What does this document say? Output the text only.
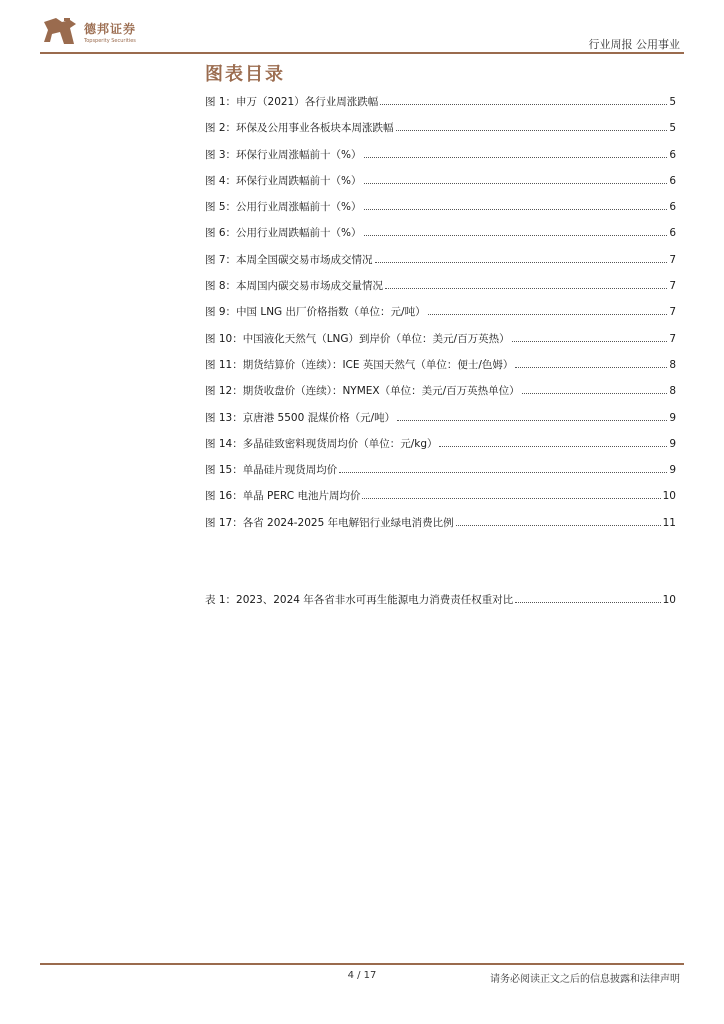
德邦证券
Topsperity Securities	行业周报 公用事业
图表目录
图 1：申万（2021）各行业周涨跌幅	5
图 2：环保及公用事业各板块本周涨跌幅	5
图 3：环保行业周涨幅前十（%）	6
图 4：环保行业周跌幅前十（%）	6
图 5：公用行业周涨幅前十（%）	6
图 6：公用行业周跌幅前十（%）	6
图 7：本周全国碳交易市场成交情况	7
图 8：本周国内碳交易市场成交量情况	7
图 9：中国 LNG 出厂价格指数（单位：元/吨）	7
图 10：中国液化天然气（LNG）到岸价（单位：美元/百万英热）	7
图 11：期货结算价（连续）：ICE 英国天然气（单位：便士/色姆）	8
图 12：期货收盘价（连续）：NYMEX（单位：美元/百万英热单位）	8
图 13：京唐港 5500 混煤价格（元/吨）	9
图 14：多晶硅致密料现货周均价（单位：元/kg）	9
图 15：单晶硅片现货周均价	9
图 16：单晶 PERC 电池片周均价	10
图 17：各省 2024-2025 年电解铝行业绿电消费比例	11
表 1：2023、2024 年各省非水可再生能源电力消费责任权重对比	10
4 / 17	请务必阅读正文之后的信息披露和法律声明
